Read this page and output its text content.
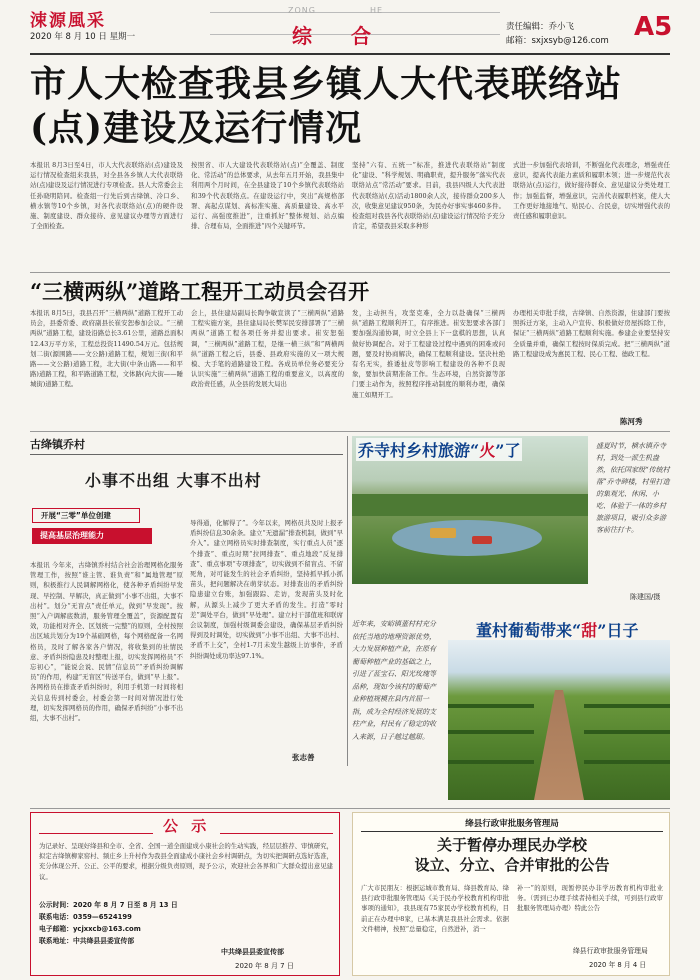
涑源風采
2020 年 8 月 10 日 星期一
ZONG	HE
综 合	责任编辑：乔小飞
邮箱：sxjxsyb@126.com A5
市人大检查我县乡镇人大代表联络站(点)建设及运行情况
本报讯 8月3日至4日，市人大代表联络站(点)建设及运行情况检查组来我县，对全县各乡镇人大代表联络站(点)建设及运行情况进行专项检查。县人大常委会主任孙晓明陪同。检查组一行先后到古绛镇、冷口乡、横水镇等10个乡镇，对各代表联络站(点)的硬件设施、制度建设、群众接待、意见建议办理等方面进行了全面检查。
按照省、市人大建设代表联络站(点)“全覆盖、制度化、常活动”的总体要求，从去年五月开始，我县集中利用两个月时间，在全县建设了10个乡镇代表联络站和39个代表联络点。在建设运行中，突出“高规格部署、高起点谋划、高标准实施、高质量建设、高水平运行、高强度推进”，注重抓好“整体规划、站点编排、合理布局，全面推进“四个关键环节。
坚持“六有、五统一”标准，推进代表联络站“制度化”建设、“科学规划、明确职责，提升服务”落实代表联络站点“常活动”要求。目前，我县四级人大代表进代表联络站(点)活动1800余人次，接待群众200多人次，收集意见建议950条，为民办好事实事460多件。检查组对我县各代表联络站(点)建设运行情况给予充分肯定，希望我县采取多种形
式进一步加强代表培训，不断强化代表理念，增强责任意识，提高代表能力素质和履职本领；进一步规范代表联络站(点)运行，做好接待群众、意见建议分类处理工作；加强监督，增强意识，完善代表履职档案，使人大工作更好地接地气、贴民心、合民意，切实增强代表的责任感和履职意识。
“三横两纵”道路工程开工动员会召开
本报讯 8月5日，我县召开“三横两纵”道路工程开工动员会，县委常委、政府副县长崔安恕参加会议。“三横两纵”道路工程，建设沿路总长3.61公里，道路总面积12.43万平方米，工程总投资11490.54万元。包括规划二街(源围路——文公路)道路工程，规划三街(和平路——文公路)道路工程，北大街(中条山路——和平路)道路工程，和平路道路工程，文体路(向大街——睡城街)道路工程。
会上，县住建局副局长陶争敏宣读了“三横两纵”道路工程实施方案，县住建局局长樊军民安排部署了“三横两纵”道路工程各项任务并提出要求。崔安恕强调，“三横两纵”道路工程，是继一横三纵“和”两横两纵“道路工程之后，县委、县政府实施的又一项大规模、大手笔的道路建设工程。各成员单位务必要充分认识实施“三横两纵”道路工程的重要意义，以高度的政治责任感，从全县的发展大局出
发，主动担当，攻坚克难，全力以赴确保“三横两纵”道路工程顺利开工，有序推进。崔安恕要求各部门要加强沟通协调，时立全县上下一盘棋的思想，认真做好协调配合。对于工程建设过程中遇到的困难或问题，要及时协商解决，确保工程顺利建设。坚决杜绝有名无实，推诿扯皮等影响工程建设的各种不良现象，要加快前期准备工作。生态环境，自然资源等部门要主动作为，按照程序推动制度的顺利办理，确保施工如期开工。
办理相关审批手续，古绛镇、自然资源，住建部门要按照拆迁方案，主动入户宣传、积极做好房屋拆除工作，保证“三横两纵”道路工程顺利实施。参建企业要坚持安全质量并重，确保工程按时保质完成。把“三横两纵”道路工程建设成为惠民工程、民心工程、德政工程。
陈河秀
古绛镇乔村
小事不出组 大事不出村
开展“三零”单位创建
提高基层治理能力
本报讯 今年来，古绛镇乔村结合社会治理网格化服务管理工作，按照“谁主管、谁负责”和“属地管理”原则，积极推行人民调解网格化，使各种矛盾纠纷早发现、早控制、早解决，真正做到“小事不出组，大事不出村”。划分“无盲点”责任单元，做到“早发现”。按照“入户调解底数清，服务管理全覆盖”，资源配置有效，功能相对齐全、区划统一完整”的原则，全村按照出区域共划分为19个基础网格，每个网格配备一名网格员，及时了解各家各户情况，将收集到的社情民意、矛盾纠纷隐患及时整理上报，切实发挥网格员“不忘初心”，“能说会说、民情“信息员”“矛盾纠纷调解员”的作用，构建“无盲区”传送平台，做到“早上报”。各网格员在排查矛盾纠纷时，利用手机第一时间将相关信息传到村委会，村委会第一时间对情况进行处理，切实发挥网格员的作用，确保矛盾纠纷“小事不出组，大事不出村”。
导得通，化解得了”。今年以来，网格员共及时上报矛盾纠纷信息30余条。建立“无遗漏”排查机制，做到“早介入”。建立网格员实时排查制度，实行重点人员“逐个排查”、重点时期“拉网排查”、重点地段“反复排查”、重点事项“专项排查”，切实做到不留盲点、不留死角，对可能发生的社会矛盾纠纷，坚持抓早抓小抓苗头，把问题解决在萌芽状态。对排查出的矛盾纠纷隐患建立台账，加强跟踪、走访，发现苗头及时化解，从源头上减少了更大矛盾的发生。打造“零时差”调处平台，做到“早处理”。建立村干部值班和联席会议制度，加强村级调委会建设，确保基层矛盾纠纷得到及时调处，切实做到“小事不出组、大事不出村、矛盾不上交”，全村1-7月未发生越级上访事件，矛盾纠纷调处成功率达97.1%。
张志善
乔寺村乡村旅游“火”了	盛夏时节，横水镇乔寺村，到处一派生机盎然，依托国家级“传统村落”乔寺碑楼，村里打造的集观光、休闲、小吃、体验于一体的乡村旅游项目，吸引众多游客前往打卡。
陈建国/摄
近年来，安峪镇董村村充分依托当地的地理资源优势，大力发展种植产业，在原有葡萄种植产业的基础之上，引进了蓝宝石、阳光玫瑰等品种，现如今该村的葡萄产业种植规模在县内首屈一指，成为全村经济发展的支柱产业，村民有了稳定的收入来源，日子越过越甜。
董村葡萄带来“甜”日子
公 示
为记录好、呈现好绛县和全市、全省、全国一道全面建成小康社会的生动实践，经层层推荐、审慎研究，拟定古绛镇柳家窑村、频庄乡上升村作为我县全面建成小康社会乡村调研点，为切实把调研点选好选准，充分体现公开、公正、公平的要求，根据分级负责原则，现予公示，欢迎社会各界和广大群众提出意见建议。
公示时间：2020 年 8 月 7 日至 8 月 13 日
联系电话：0359—6524199
电子邮箱：ycjxxcb@163.com
联系地址：中共绛县县委宣传部
中共绛县县委宣传部
2020 年 8 月 7 日
绛县行政审批服务管理局
关于暂停办理民办学校
设立、分立、合并审批的公告
广大市民朋友：根据运城市教育局、绛县教育局、绛县行政审批服务管理局《关于民办学校教育机构审批事项的通知》，我县现有75家民办学校教育机构，目前正在办理中8家，已基本满足我县社会需求。依据文件精神，按照“总量稳定，自然进补，消一
补一”的原则，现暂停民办非学历教育机构审批业务。（需到已办理手续者持相关手续，可到县行政审批服务管理局办理）特此公告
绛县行政审批服务管理局
2020 年 8 月 4 日
